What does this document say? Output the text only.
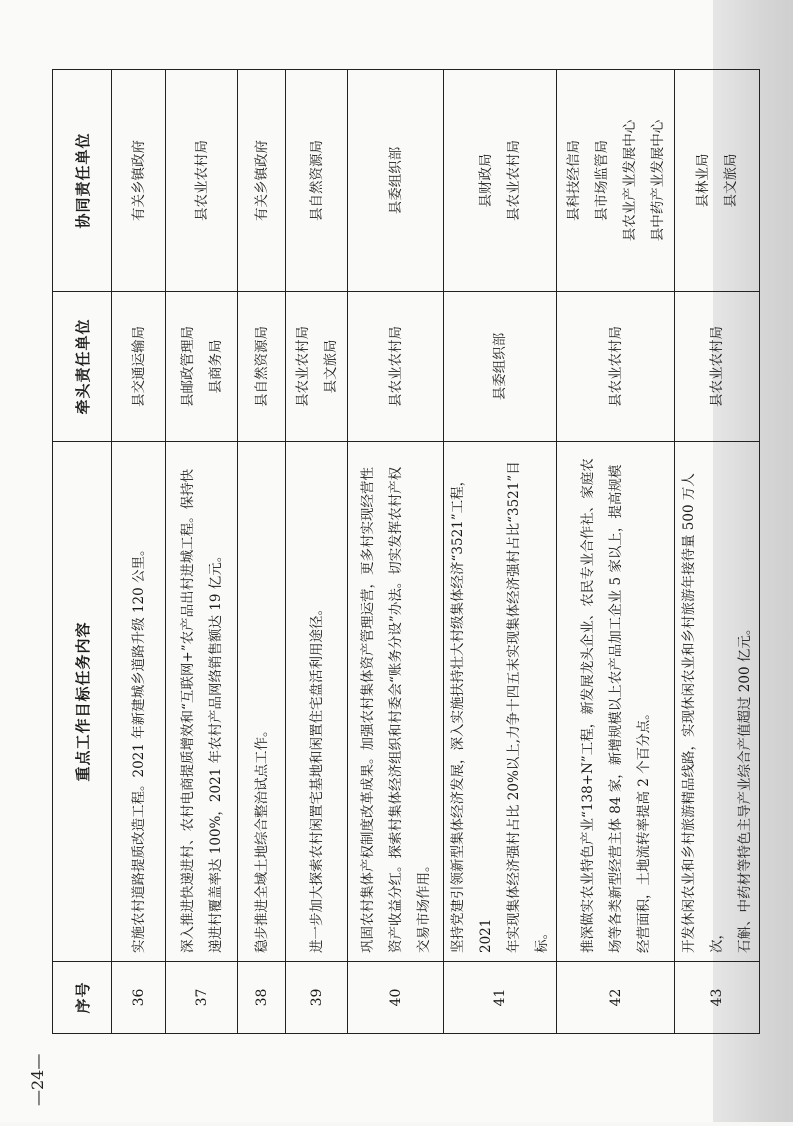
序号	重点工作目标任务内容	牵头责任单位	协同责任单位
36	实施农村道路提质改造工程。2021 年新建城乡道路升级 120 公里。	县交通运输局	有关乡镇政府

37	深入推进快递进村、农村电商提质增效和“互联网+”农产品出村进城工程。保持快 递进村覆盖率达 100%，2021 年农村产品网络销售额达 19 亿元。	县邮政管理局 县商务局	县农业农村局

38	稳步推进全域土地综合整治试点工作。	县自然资源局	有关乡镇政府

39	进一步加大探索农村闲置宅基地和闲置住宅盘活利用途径。	县农业农村局 县文旅局	县自然资源局

40	巩固农村集体产权制度改革成果。加强农村集体资产管理运营，更多村实现经营性 资产收益分红。探索村集体经济组织和村委会“账务分设”办法。切实发挥农村产权 交易市场作用。	县农业农村局	县委组织部

41	坚持党建引领新型集体经济发展，深入实施扶持壮大村级集体经济“3521”工程，2021 年实现集体经济强村占比 20%以上,力争十四五末实现集体经济强村占比“3521”目标。	县委组织部	县财政局 县农业农村局

42	推深做实农业特色产业“138+N”工程，新发展龙头企业、农民专业合作社、家庭农 场等各类新型经营主体 84 家，新增规模以上农产品加工企业 5 家以上，提高规模 经营面积，土地流转率提高 2 个百分点。	县农业农村局	县科技经信局 县市场监管局 县农业产业发展中心 县中药产业发展中心

43	开发休闲农业和乡村旅游精品线路，实现休闲农业和乡村旅游年接待量 500 万人次， 石斛、中药材等特色主导产业综合产值超过 200 亿元。	县农业农村局	县林业局 县文旅局
—24—
